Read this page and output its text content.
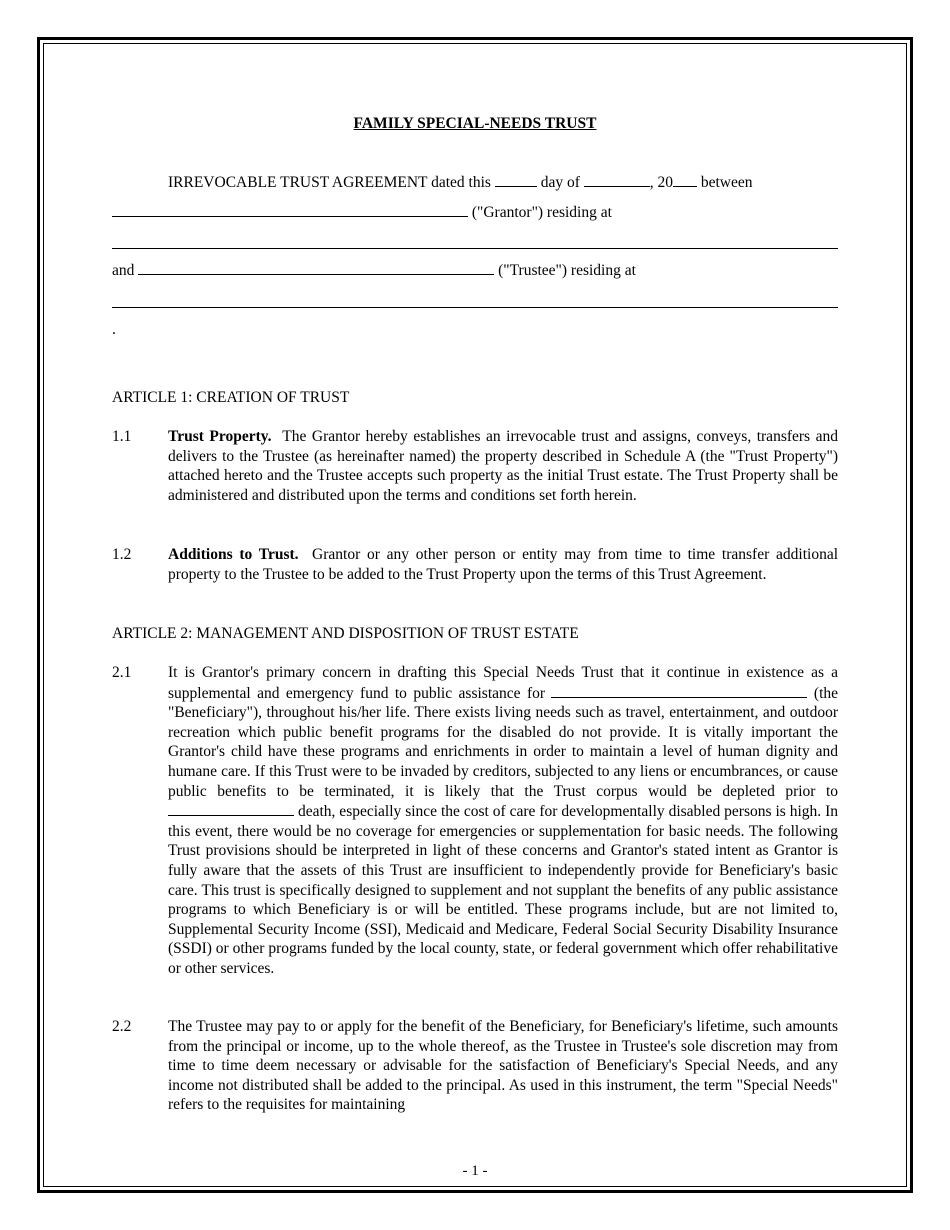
FAMILY SPECIAL-NEEDS TRUST
IRREVOCABLE TRUST AGREEMENT dated this	day of	, 20 between
("Grantor") residing at
and	("Trustee") residing at
.
ARTICLE 1: CREATION OF TRUST
1.1 Trust Property. The Grantor hereby establishes an irrevocable trust and assigns, conveys, transfers and delivers to the Trustee (as hereinafter named) the property described in Schedule A (the "Trust Property") attached hereto and the Trustee accepts such property as the initial Trust estate. The Trust Property shall be administered and distributed upon the terms and conditions set forth herein.
1.2 Additions to Trust. Grantor or any other person or entity may from time to time transfer additional property to the Trustee to be added to the Trust Property upon the terms of this Trust Agreement.
ARTICLE 2: MANAGEMENT AND DISPOSITION OF TRUST ESTATE
2.1 It is Grantor's primary concern in drafting this Special Needs Trust that it continue in existence as a supplemental and emergency fund to public assistance for	(the "Beneficiary"), throughout his/her life. There exists living needs such as travel, entertainment, and outdoor recreation which public benefit programs for the disabled do not provide. It is vitally important the Grantor's child have these programs and enrichments in order to maintain a level of human dignity and humane care. If this Trust were to be invaded by creditors, subjected to any liens or encumbrances, or cause public benefits to be terminated, it is likely that the Trust corpus would be depleted prior to  death, especially since the cost of care for developmentally disabled persons is high. In this event, there would be no coverage for emergencies or supplementation for basic needs. The following Trust provisions should be interpreted in light of these concerns and Grantor's stated intent as Grantor is fully aware that the assets of this Trust are insufficient to independently provide for Beneficiary's basic care. This trust is specifically designed to supplement and not supplant the benefits of any public assistance programs to which Beneficiary is or will be entitled. These programs include, but are not limited to, Supplemental Security Income (SSI), Medicaid and Medicare, Federal Social Security Disability Insurance (SSDI) or other programs funded by the local county, state, or federal government which offer rehabilitative or other services.
2.2 The Trustee may pay to or apply for the benefit of the Beneficiary, for Beneficiary's lifetime, such amounts from the principal or income, up to the whole thereof, as the Trustee in Trustee's sole discretion may from time to time deem necessary or advisable for the satisfaction of Beneficiary's Special Needs, and any income not distributed shall be added to the principal. As used in this instrument, the term "Special Needs" refers to the requisites for maintaining
- 1 -
